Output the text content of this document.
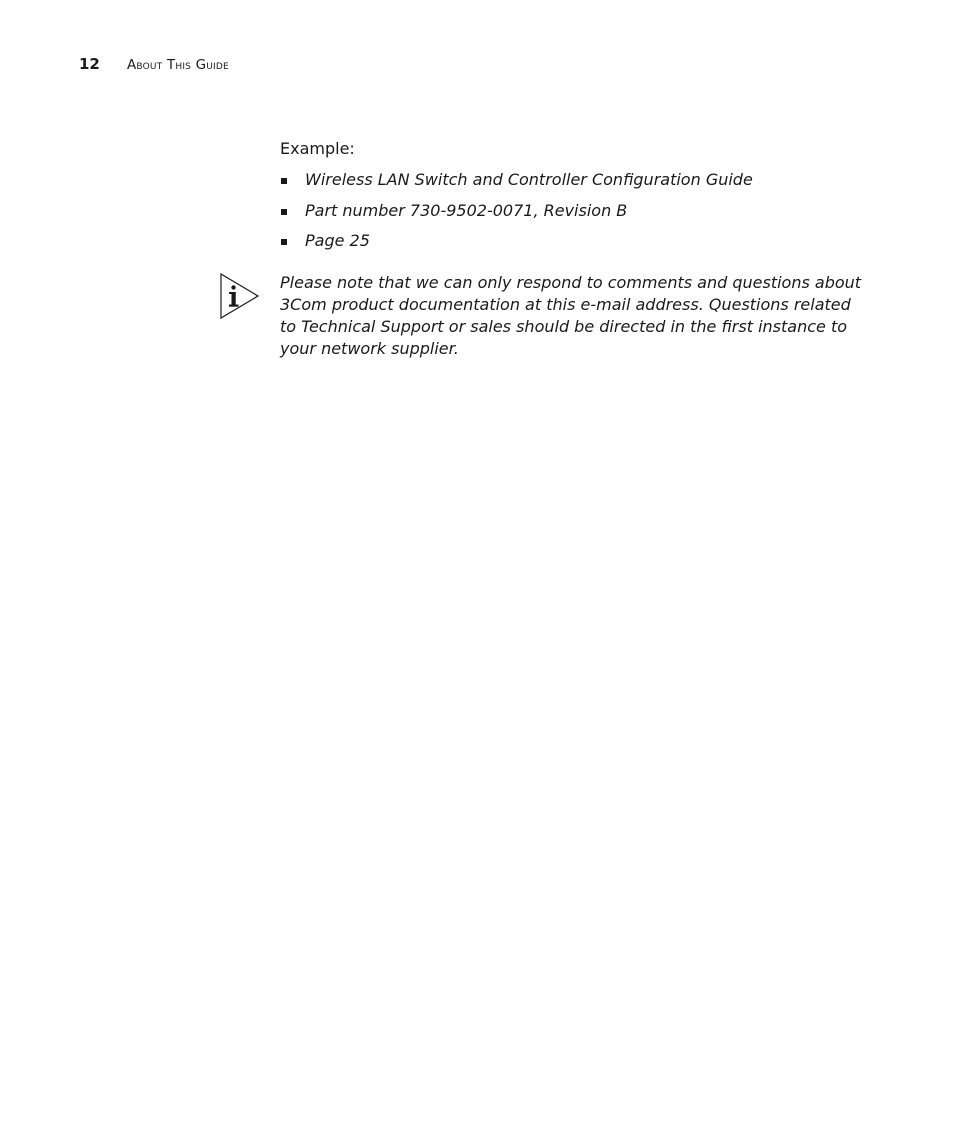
12	About This Guide

Example:

Wireless LAN Switch and Controller Configuration Guide
Part number 730-9502-0071, Revision B
Page 25

Please note that we can only respond to comments and questions about 3Com product documentation at this e-mail address. Questions related to Technical Support or sales should be directed in the first instance to your network supplier.
